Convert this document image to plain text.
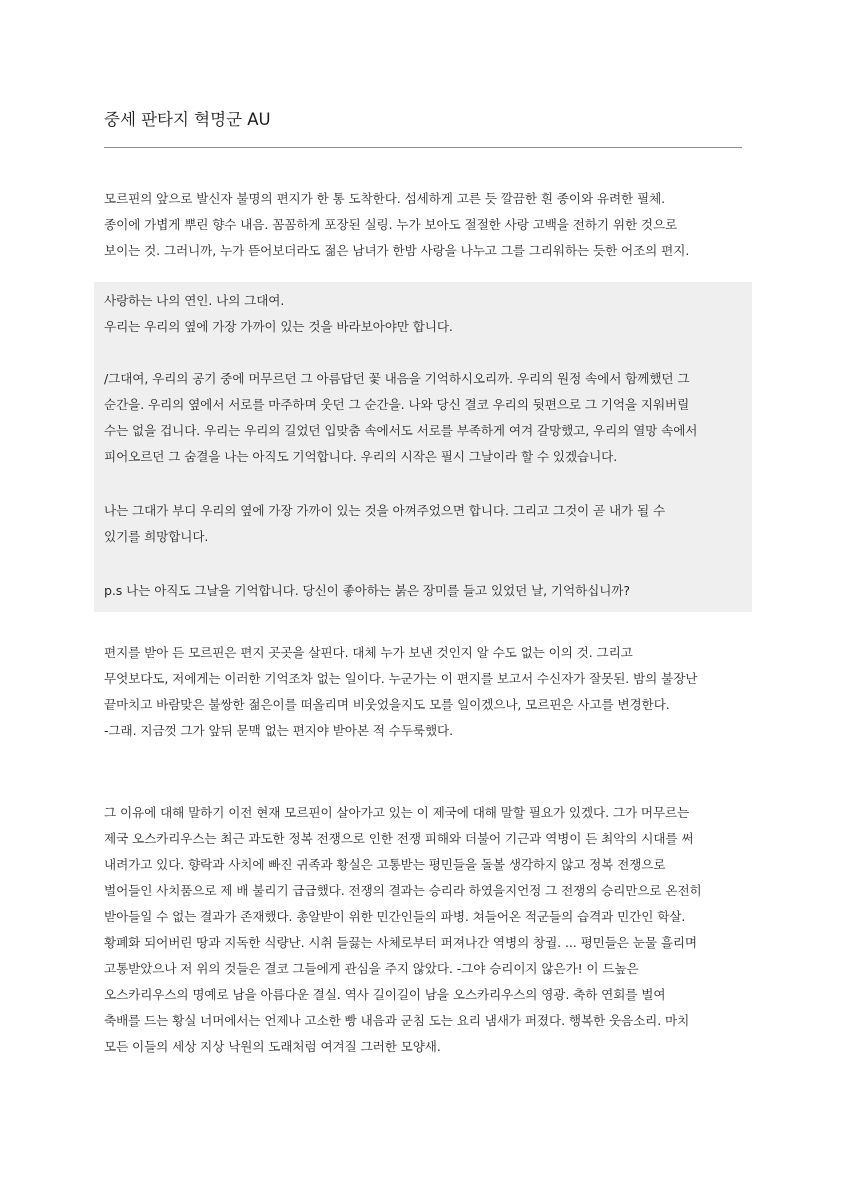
중세 판타지 혁명군 AU

모르핀의 앞으로 발신자 불명의 편지가 한 통 도착한다. 섬세하게 고른 듯 깔끔한 흰 종이와 유려한 필체.
종이에 가볍게 뿌린 향수 내음. 꼼꼼하게 포장된 실링. 누가 보아도 절절한 사랑 고백을 전하기 위한 것으로
보이는 것. 그러니까, 누가 뜯어보더라도 젊은 남녀가 한밤 사랑을 나누고 그를 그리워하는 듯한 어조의 편지.

사랑하는 나의 연인. 나의 그대여.
우리는 우리의 옆에 가장 가까이 있는 것을 바라보아야만 합니다.

/그대여, 우리의 공기 중에 머무르던 그 아름답던 꽃 내음을 기억하시오리까. 우리의 원정 속에서 함께했던 그
순간을. 우리의 옆에서 서로를 마주하며 웃던 그 순간을. 나와 당신 결코 우리의 뒷편으로 그 기억을 지워버릴
수는 없을 겁니다. 우리는 우리의 길었던 입맞춤 속에서도 서로를 부족하게 여겨 갈망했고, 우리의 열망 속에서
피어오르던 그 숨결을 나는 아직도 기억합니다. 우리의 시작은 필시 그날이라 할 수 있겠습니다.

나는 그대가 부디 우리의 옆에 가장 가까이 있는 것을 아껴주었으면 합니다. 그리고 그것이 곧 내가 될 수
있기를 희망합니다.

p.s 나는 아직도 그날을 기억합니다. 당신이 좋아하는 붉은 장미를 들고 있었던 날, 기억하십니까?

편지를 받아 든 모르핀은 편지 곳곳을 살핀다. 대체 누가 보낸 것인지 알 수도 없는 이의 것. 그리고
무엇보다도, 저에게는 이러한 기억조차 없는 일이다. 누군가는 이 편지를 보고서 수신자가 잘못된. 밤의 불장난
끝마치고 바람맞은 불쌍한 젊은이를 떠올리며 비웃었을지도 모를 일이겠으나, 모르핀은 사고를 변경한다.
-그래. 지금껏 그가 앞뒤 문맥 없는 편지야 받아본 적 수두룩했다.

그 이유에 대해 말하기 이전 현재 모르핀이 살아가고 있는 이 제국에 대해 말할 필요가 있겠다. 그가 머무르는
제국 오스카리우스는 최근 과도한 정복 전쟁으로 인한 전쟁 피해와 더불어 기근과 역병이 든 최악의 시대를 써
내려가고 있다. 향락과 사치에 빠진 귀족과 황실은 고통받는 평민들을 돌볼 생각하지 않고 정복 전쟁으로
벌어들인 사치품으로 제 배 불리기 급급했다. 전쟁의 결과는 승리라 하였을지언정 그 전쟁의 승리만으로 온전히
받아들일 수 없는 결과가 존재했다. 총알받이 위한 민간인들의 파병. 쳐들어온 적군들의 습격과 민간인 학살.
황폐화 되어버린 땅과 지독한 식량난. 시취 들끓는 사체로부터 퍼져나간 역병의 창궐. ... 평민들은 눈물 흘리며
고통받았으나 저 위의 것들은 결코 그들에게 관심을 주지 않았다. -그야 승리이지 않은가! 이 드높은
오스카리우스의 명예로 남을 아름다운 결실. 역사 길이길이 남을 오스카리우스의 영광. 축하 연회를 벌여
축배를 드는 황실 너머에서는 언제나 고소한 빵 내음과 군침 도는 요리 냄새가 퍼졌다. 행복한 웃음소리. 마치
모든 이들의 세상 지상 낙원의 도래처럼 여겨질 그러한 모양새.
